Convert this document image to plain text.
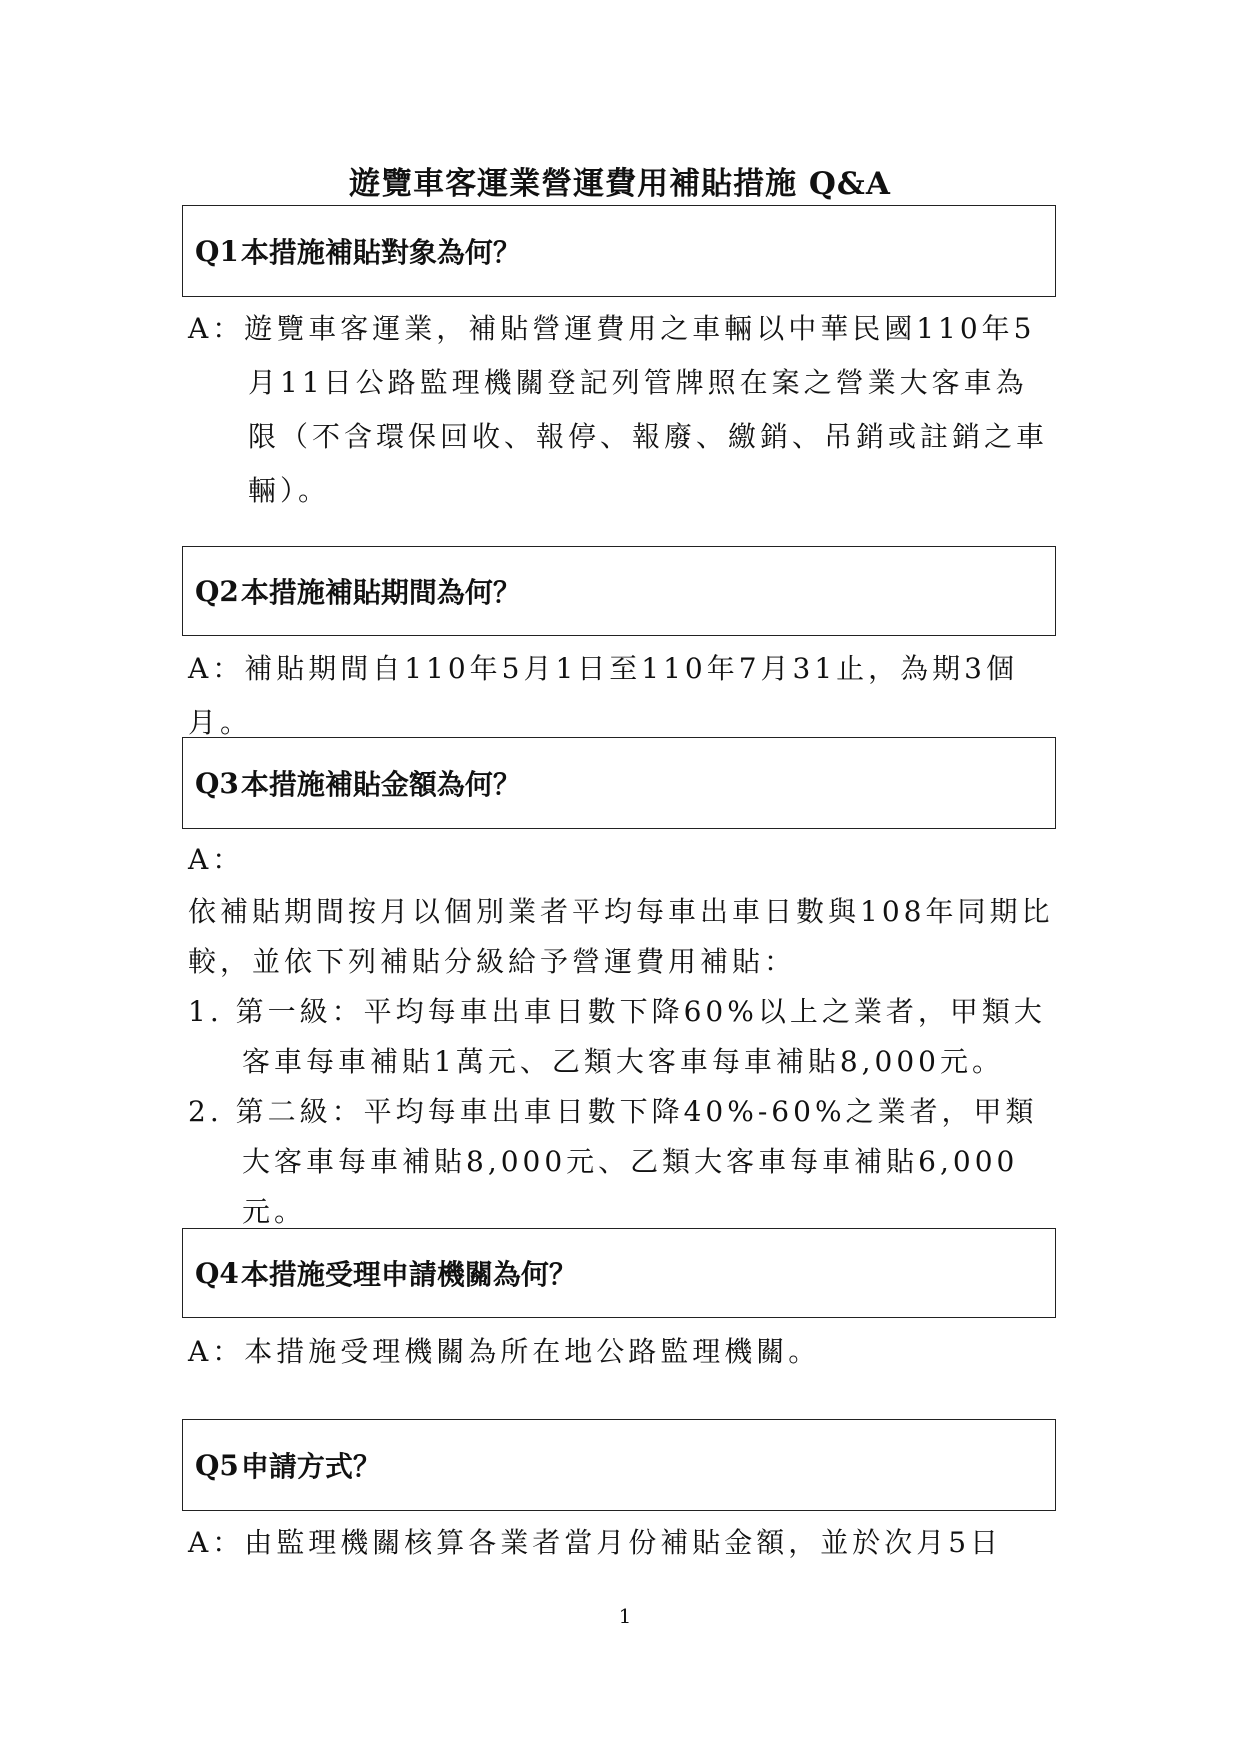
遊覽車客運業營運費用補貼措施 Q&A
Q1 本措施補貼對象為何？

A：遊覽車客運業，補貼營運費用之車輛以中華民國110年5月11日公路監理機關登記列管牌照在案之營業大客車為限（不含環保回收、報停、報廢、繳銷、吊銷或註銷之車輛）。

Q2 本措施補貼期間為何？

A：補貼期間自110年5月1日至110年7月31止，為期3個月。

Q3 本措施補貼金額為何？

A：

依補貼期間按月以個別業者平均每車出車日數與108年同期比較，並依下列補貼分級給予營運費用補貼：

1. 第一級：平均每車出車日數下降60%以上之業者，甲類大客車每車補貼1萬元、乙類大客車每車補貼8,000元。

2. 第二級：平均每車出車日數下降40%-60%之業者，甲類大客車每車補貼8,000元、乙類大客車每車補貼6,000元。

Q4 本措施受理申請機關為何？

A：本措施受理機關為所在地公路監理機關。

Q5 申請方式？

A：由監理機關核算各業者當月份補貼金額，並於次月5日

1
